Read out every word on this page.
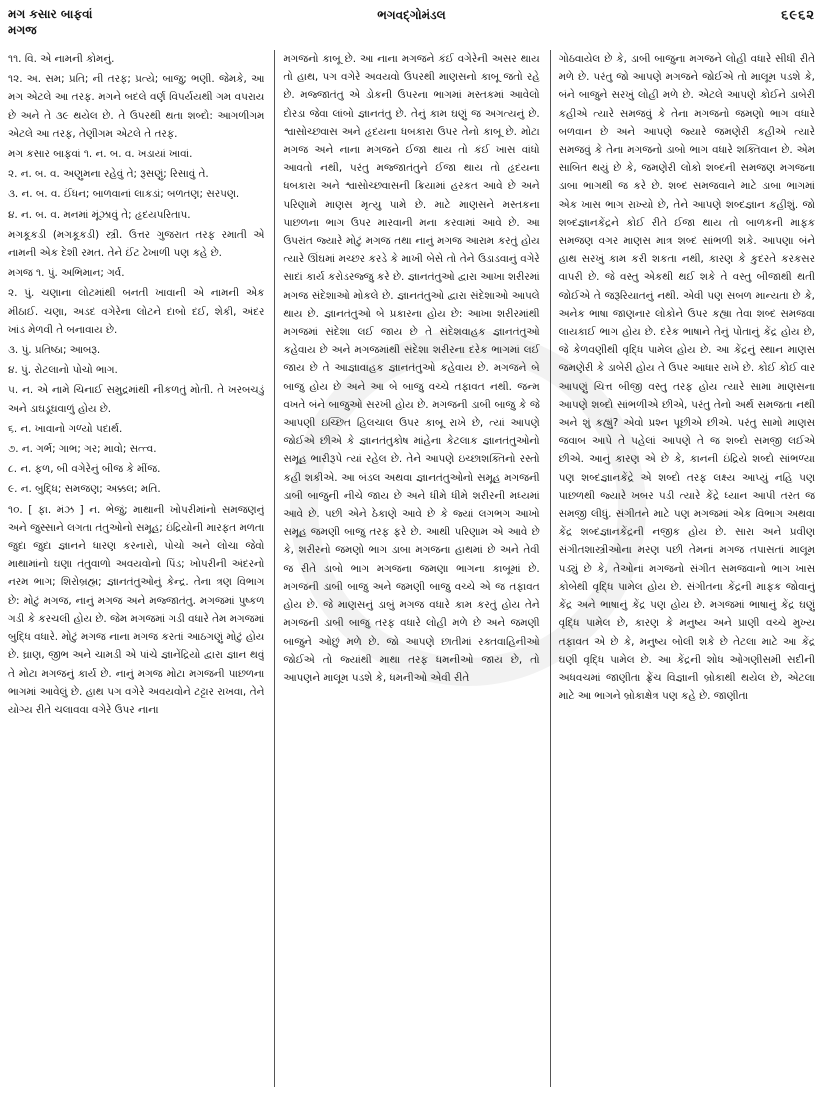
મગ કસાર બાફવાં
મગજ
ભગવદ્ગોમંડલ	૬૯૬૨

૧૧. વિ. એ નામની કોમનું.

૧૨. અ. સમ; પ્રતિ; ની તરફ; પ્રત્યે; બાજુ; ભણી. જેમકે, આ મગ એટલે આ તરફ. મગને બદલે વર્ણ વિપર્યયથી ગમ વપરાય છે અને તે ૩૯ થયેલ છે. તે ઉપરથી થતા શબ્દો: આગળીગમ એટલે આ તરફ, તેણીગમ એટલે તે તરફ.

મગ કસાર બાફવાં ૧. ન. બ. વ. ખડાયાં ખાવાં.

૨. ન. બ. વ. અણુમના રહેવું તે; રૂસણું; રિસાવું તે.

૩. ન. બ. વ. ઈંધન; બાળવાનાં લાકડાં; બળતણ; સરપણ.

૪. ન. બ. વ. મનમાં મૂંઝાવું તે; હૃદયપરિતાપ.

મગકૂકડી (મગકૂકડી) સ્ત્રી. ઉત્તર ગુજરાત તરફ રમાતી એ નામની એક દેશી રમત. તેને ઈંટ ઢેખાળી પણ કહે છે.

મગજ ૧. પું. અભિમાન; ગર્વ.

૨. પું. ચણાના લોટમાંથી બનતી ખાવાની એ નામની એક મીઠાઈ. ચણા, અડદ વગેરેના લોટને દાબો દઈ, શેકી, અંદર ખાંડ મેળવી તે બનાવાય છે.

૩. પું. પ્રતિષ્ઠા; આબરૂ.

૪. પું. રોટલાનો પોચો ભાગ.

૫. ન. એ નામે ચિનાઈ સમુદ્રમાંથી નીકળતું મોતી. તે ખરબચડું અને ડાઘડૂઘવાળું હોય છે.

૬. ન. ખાવાનો ગળ્યો પદાર્થ.

૭. ન. ગર્ભ; ગાભ; ગર; માવો; સત્ત્વ.

૮. ન. ફળ, બી વગેરેનું બીજ કે મીંજ.

૯. ન. બુદ્ધિ; સમજણ; અક્કલ; મતિ.

૧૦. [ ફા. મંઝ ] ન. ભેજું; માથાની ખોપરીમાંનો સમજણનું અને જુસ્સાને લગતા તંતુઓનો સમૂહ; ઇંદ્રિયોની મારફત મળતા જુદા જુદા જ્ઞાનને ધારણ કરનારો, પોચો અને લોચા જેવો માથામાંનો ઘણા તંતુવાળો અવયવોનો પિંડ; ખોપરીની અંદરનો નરમ ભાગ; શિરોબ્રહ્મ; જ્ઞાનતંતુઓનું કેન્દ્ર. તેના ત્રણ વિભાગ છે: મોટું મગજ, નાનું મગજ અને મજ્જાતંતુ. મગજમાં પુષ્કળ ગડી કે કરચલી હોય છે. જેમ મગજમાં ગડી વધારે તેમ મગજમાં બુદ્ધિ વધારે. મોટું મગજ નાના મગજ કરતાં આઠગણું મોટું હોય છે. ઘ્રાણ, જીભ અને ચામડી એ પાંચે જ્ઞાનેંદ્રિયો દ્વારા જ્ઞાન થવું તે મોટા મગજનું કાર્ય છે. નાનું મગજ મોટા મગજની પાછળના ભાગમાં આવેલું છે. હાથ પગ વગેરે અવયવોને ટટ્ટાર રાખવા, તેને યોગ્ય રીતે ચલાવવા વગેરે ઉપર નાના

મગજનો કાબૂ છે. આ નાના મગજને કંઈ વગેરેની અસર થાય તો હાથ, પગ વગેરે અવયવો ઉપરથી માણસનો કાબૂ જતો રહે છે. મજ્જાતંતુ એ ડોકની ઉપરના ભાગમાં મસ્તકમાં આવેલો દોરડા જેવા લાંબો જ્ઞાનતંતુ છે. તેનું કામ ઘણું જ અગત્યનું છે. શ્વાસોચ્છ્વાસ અને હૃદયના ધબકારા ઉપર તેનો કાબૂ છે. મોટા મગજ અને નાના મગજને ઈજા થાય તો કંઈ ખાસ વાંધો આવતો નથી, પરંતુ મજ્જાતંતુને ઈજા થાય તો હૃદયના ધબકારા અને શ્વાસોચ્છ્વાસની ક્રિયામાં હરકત આવે છે અને પરિણામે માણસ મૃત્યુ પામે છે. માટે માણસને મસ્તકના પાછળના ભાગ ઉપર મારવાની મના કરવામાં આવે છે. આ ઉપરાંત જ્યારે મોટું મગજ તથા નાનું મગજ આરામ કરતું હોય ત્યારે ઊંઘમાં મચ્છર કરડે કે માખી બેસે તો તેને ઉડાડવાનું વગેરે સાદાં કાર્ય કરોડરજ્જુ કરે છે. જ્ઞાનતંતુઓ દ્વારા આખા શરીરમાં મગજ સંદેશાઓ મોકલે છે. જ્ઞાનતંતુઓ દ્વારા સંદેશાઓ આપલે થાય છે. જ્ઞાનતંતુઓ બે પ્રકારના હોય છે: આખા શરીરમાંથી મગજમાં સંદેશા લઈ જાય છે તે સંદેશવાહક જ્ઞાનતંતુઓ કહેવાય છે અને મગજમાંથી સંદેશા શરીરના દરેક ભાગમાં લઈ જાય છે તે આજ્ઞાવાહક જ્ઞાનતંતુઓ કહેવાય છે. મગજને બે બાજુ હોય છે અને આ બે બાજુ વચ્ચે તફાવત નથી. જન્મ વખતે બંને બાજુઓ સરખી હોય છે. મગજની ડાબી બાજુ કે જે આપણી ઇચ્છિત હિલચાલ ઉપર કાબૂ રાખે છે, ત્યાં આપણે જોઈએ છીએ કે જ્ઞાનતંતુકોષ માંહેના કેટલાક જ્ઞાનતંતુઓનો સમૂહ ભારીરૂપે ત્યાં રહેલ છે. તેને આપણે ઇચ્છાશક્તિનો રસ્તો કહી શકીએ. આ બંડલ અથવા જ્ઞાનતંતુઓનો સમૂહ મગજની ડાબી બાજુની નીચે જાય છે અને ધીમે ધીમે શરીરની મધ્યમાં આવે છે. પછી એને ઠેકાણે આવે છે કે જ્યાં લગભગ આખો સમૂહ જમણી બાજુ તરફ ફરે છે. આથી પરિણામ એ આવે છે કે, શરીરનો જમણો ભાગ ડાબા મગજના હાથમાં છે અને તેવી જ રીતે ડાબો ભાગ મગજના જમણા ભાગના કાબૂમાં છે. મગજની ડાબી બાજુ અને જમણી બાજુ વચ્ચે એ જ તફાવત હોય છે. જે માણસનું ડાબું મગજ વધારે કામ કરતું હોય તેને મગજની ડાબી બાજુ તરફ વધારે લોહી મળે છે અને જમણી બાજુને ઓછું મળે છે. જો આપણે છાતીમાં રક્તવાહિનીઓ જોઈએ તો જ્યાંથી માથા તરફ ધમનીઓ જાય છે, તો આપણને માલૂમ પડશે કે, ધમનીઓ એવી રીતે

ગોઠવાયેલ છે કે, ડાબી બાજુના મગજને લોહી વધારે સીધી રીતે મળે છે. પરંતુ જો આપણે મગજને જોઈએ તો માલૂમ પડશે કે, બંને બાજુને સરખું લોહી મળે છે. એટલે આપણે કોઈને ડાબેરી કહીએ ત્યારે સમજવું કે તેના મગજનો જમણો ભાગ વધારે બળવાન છે અને આપણે જ્યારે જમણેરી કહીએ ત્યારે સમજવું કે તેના મગજનો ડાબો ભાગ વધારે શક્તિવાન છે. એમ સાબિત થયું છે કે, જમણેરી લોકો શબ્દની સમજણ મગજના ડાબા ભાગથી જ કરે છે. શબ્દ સમજવાને માટે ડાબા ભાગમાં એક ખાસ ભાગ રાખ્યો છે, તેને આપણે શબ્દજ્ઞાન કહીશું. જો શબ્દજ્ઞાનકેંદ્રને કોઈ રીતે ઈજા થાય તો બાળકની માફક સમજણ વગર માણસ માત્ર શબ્દ સાંભળી શકે. આપણા બંને હાથ સરખું કામ કરી શકતા નથી, કારણ કે કુદરતે કરકસર વાપરી છે. જે વસ્તુ એકથી થઈ શકે તે વસ્તુ બીજાથી થતી જોઈએ તે જરૂરિયાતનું નથી. એવી પણ સબળ માન્યતા છે કે, અનેક ભાષા જાણનાર લોકોને ઉપર કહ્યા તેવા શબ્દ સમજવા લાયકાઈ ભાગ હોય છે. દરેક ભાષાને તેનું પોતાનું કેંદ્ર હોય છે, જે કેળવણીથી વૃદ્ધિ પામેલ હોય છે. આ કેંદ્રનું સ્થાન માણસ જમણેરી કે ડાબેરી હોય તે ઉપર આધાર રાખે છે. કોઈ કોઈ વાર આપણું ચિત્ત બીજી વસ્તુ તરફ હોય ત્યારે સામા માણસના આપણે શબ્દો સાંભળીએ છીએ, પરંતુ તેનો અર્થ સમજતા નથી અને શું કહ્યું? એવો પ્રશ્ન પૂછીએ છીએ. પરંતુ સામો માણસ જવાબ આપે તે પહેલાં આપણે તે જ શબ્દો સમજી લઈએ છીએ. આનું કારણ એ છે કે, કાનની ઇંદ્રિયે શબ્દો સાંભળ્યા પણ શબ્દજ્ઞાનકેંદ્રે એ શબ્દો તરફ લક્ષ્ય આપ્યું નહિ પણ પાછળથી જ્યારે ખબર પડી ત્યારે કેંદ્રે ધ્યાન આપી તરત જ સમજી લીધું. સંગીતને માટે પણ મગજમાં એક વિભાગ અથવા કેંદ્ર શબ્દજ્ઞાનકેંદ્રની નજીક હોય છે. સારા અને પ્રવીણ સંગીતશાસ્ત્રીઓના મરણ પછી તેમનાં મગજ તપાસતાં માલૂમ પડ્યું છે કે, તેઓનાં મગજનો સંગીત સમજવાનો ભાગ ખાસ કોબેથી વૃદ્ધિ પામેલ હોય છે. સંગીતના કેંદ્રની માફક જોવાનું કેંદ્ર અને ભાષાનું કેંદ્ર પણ હોય છે. મગજમાં ભાષાનું કેંદ્ર ઘણું વૃદ્ધિ પામેલ છે, કારણ કે મનુષ્ય અને પ્રાણી વચ્ચે મુખ્ય તફાવત એ છે કે, મનુષ્ય બોલી શકે છે તેટલા માટે આ કેંદ્ર ઘણી વૃદ્ધિ પામેલ છે. આ કેંદ્રની શોધ ઓગણીસમી સદીની અધવચમાં જાણીતા ફ્રેંચ વિજ્ઞાની બ્રોકાથી થયેલ છે, એટલા માટે આ ભાગને બ્રોકાક્ષેત્ર પણ કહે છે. જાણીતા
